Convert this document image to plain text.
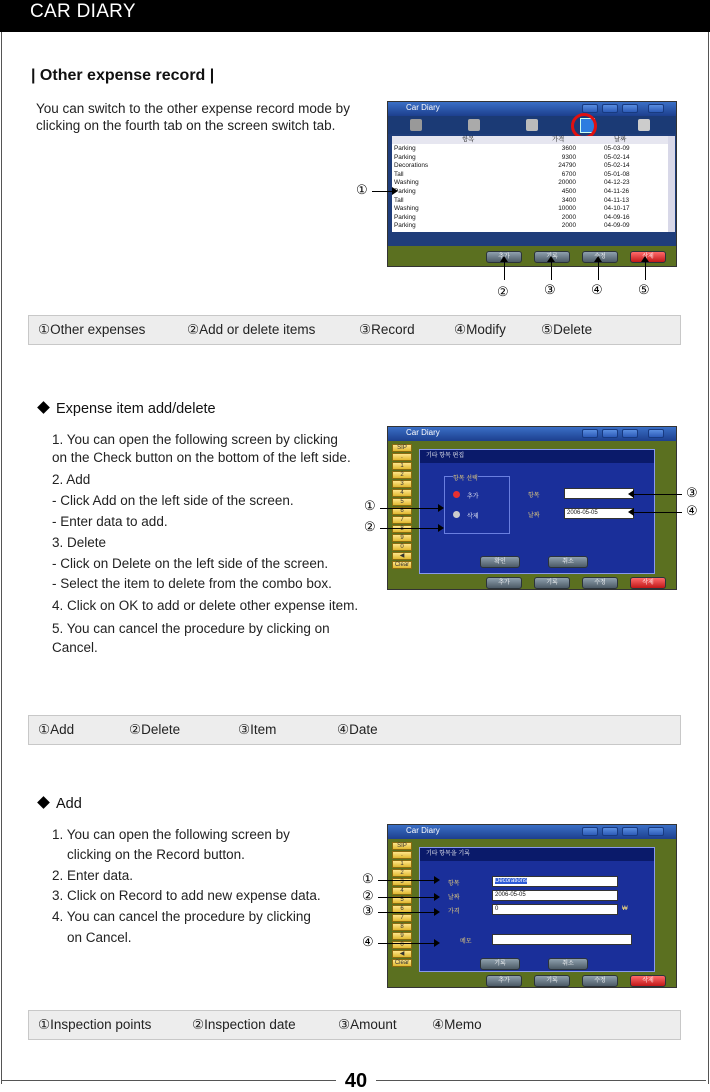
CAR DIARY
| Other expense record |
You can switch to the other expense record mode by clicking on the fourth tab on the screen switch tab.
Car Diary
항목	가격	날짜
Parking	3600	05-03-09
Parking	9300	05-02-14
Decorations	24790	05-02-14
Tall	6700	05-01-08
Washing	20000	04-12-23
Parking	4500	04-11-26
Tall	3400	04-11-13
Washing	10000	04-10-17
Parking	2000	04-09-16
Parking	2000	04-09-09
추가	기록	수정	삭제
①
②	③	④	⑤
①Other expenses	②Add or delete items	③Record	④Modify	⑤Delete
Expense item add/delete
1. You can open the following screen by clicking
on the Check button on the bottom of the left side.
2. Add
- Click Add on the left side of the screen.
- Enter data to add.
3. Delete
- Click on Delete on the left side of the screen.
- Select the item to delete from the combo box.
4. Click on OK to add or delete other expense item.
5. You can cancel the procedure by clicking on
Cancel.
Car Diary
SIP
.
1
2
3
4
5
6
7
8
9
0
◀
Clear
기타 항목 편집
항목 선택
추가
삭제
항목
날짜	2006-05-05
확인	취소
추가	기록	수정	삭제
①
②
③
④
①Add	②Delete	③Item	④Date
Add
1. You can open the following screen by
clicking on the Record button.
2. Enter data.
3. Click on Record to add new expense data.
4. You can cancel the procedure by clicking
on Cancel.
Car Diary
SIP
.
1
2
3
4
5
6
7
8
9
0
◀
Clear
기타 항목을 기록
항목	Decorations
날짜	2006-05-05
가격	0	₩
메모
기록	취소
추가	기록	수정	삭제
①
②
③
④
①Inspection points	②Inspection date	③Amount	④Memo
40
